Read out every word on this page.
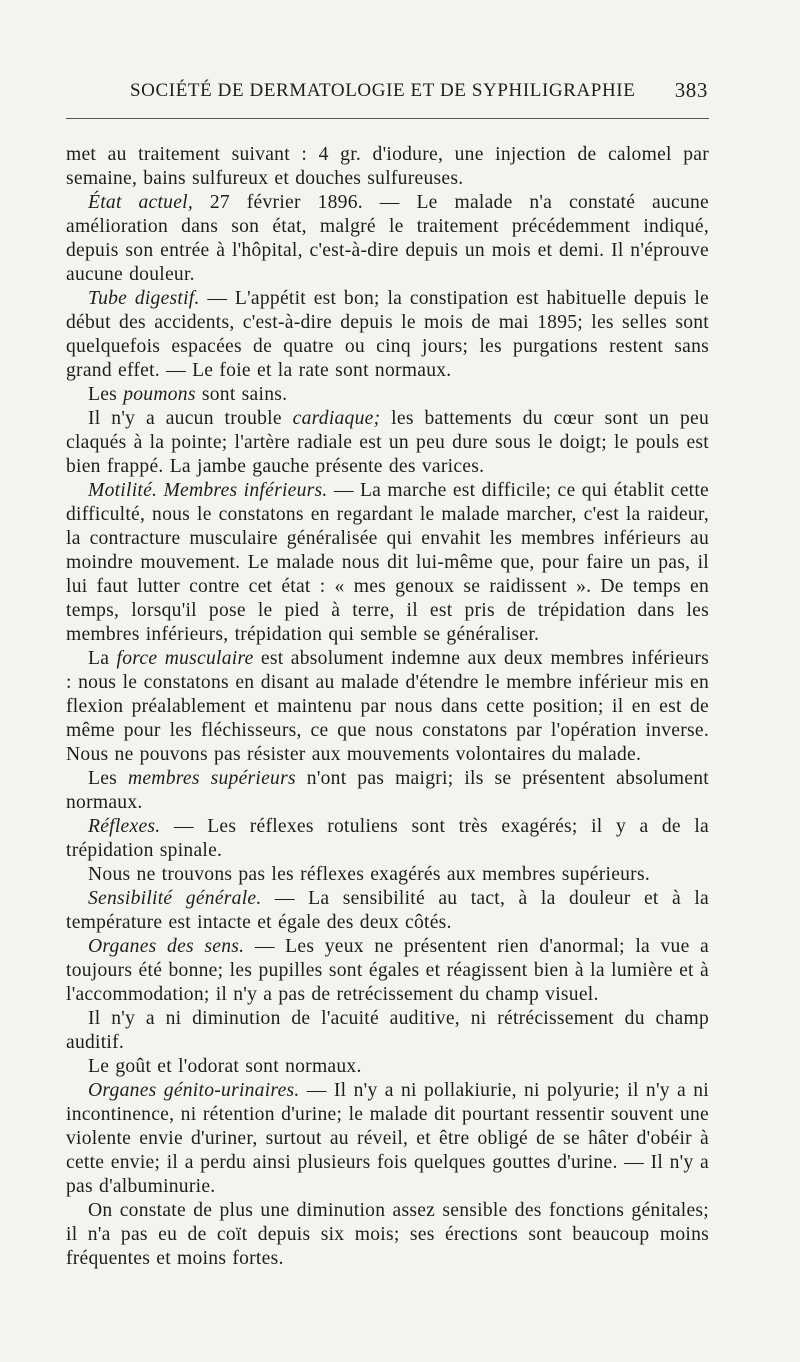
SOCIÉTÉ DE DERMATOLOGIE ET DE SYPHILIGRAPHIE 383

met au traitement suivant : 4 gr. d'iodure, une injection de calomel par semaine, bains sulfureux et douches sulfureuses.

État actuel, 27 février 1896. — Le malade n'a constaté aucune amélioration dans son état, malgré le traitement précédemment indiqué, depuis son entrée à l'hôpital, c'est-à-dire depuis un mois et demi. Il n'éprouve aucune douleur.

Tube digestif. — L'appétit est bon; la constipation est habituelle depuis le début des accidents, c'est-à-dire depuis le mois de mai 1895; les selles sont quelquefois espacées de quatre ou cinq jours; les purgations restent sans grand effet. — Le foie et la rate sont normaux.

Les poumons sont sains.

Il n'y a aucun trouble cardiaque; les battements du cœur sont un peu claqués à la pointe; l'artère radiale est un peu dure sous le doigt; le pouls est bien frappé. La jambe gauche présente des varices.

Motilité. Membres inférieurs. — La marche est difficile; ce qui établit cette difficulté, nous le constatons en regardant le malade marcher, c'est la raideur, la contracture musculaire généralisée qui envahit les membres inférieurs au moindre mouvement. Le malade nous dit lui-même que, pour faire un pas, il lui faut lutter contre cet état : « mes genoux se raidissent ». De temps en temps, lorsqu'il pose le pied à terre, il est pris de trépidation dans les membres inférieurs, trépidation qui semble se généraliser.

La force musculaire est absolument indemne aux deux membres inférieurs : nous le constatons en disant au malade d'étendre le membre inférieur mis en flexion préalablement et maintenu par nous dans cette position; il en est de même pour les fléchisseurs, ce que nous constatons par l'opération inverse. Nous ne pouvons pas résister aux mouvements volontaires du malade.

Les membres supérieurs n'ont pas maigri; ils se présentent absolument normaux.

Réflexes. — Les réflexes rotuliens sont très exagérés; il y a de la trépidation spinale.

Nous ne trouvons pas les réflexes exagérés aux membres supérieurs.

Sensibilité générale. — La sensibilité au tact, à la douleur et à la température est intacte et égale des deux côtés.

Organes des sens. — Les yeux ne présentent rien d'anormal; la vue a toujours été bonne; les pupilles sont égales et réagissent bien à la lumière et à l'accommodation; il n'y a pas de retrécissement du champ visuel.

Il n'y a ni diminution de l'acuité auditive, ni rétrécissement du champ auditif.

Le goût et l'odorat sont normaux.

Organes génito-urinaires. — Il n'y a ni pollakiurie, ni polyurie; il n'y a ni incontinence, ni rétention d'urine; le malade dit pourtant ressentir souvent une violente envie d'uriner, surtout au réveil, et être obligé de se hâter d'obéir à cette envie; il a perdu ainsi plusieurs fois quelques gouttes d'urine. — Il n'y a pas d'albuminurie.

On constate de plus une diminution assez sensible des fonctions génitales; il n'a pas eu de coït depuis six mois; ses érections sont beaucoup moins fréquentes et moins fortes.
